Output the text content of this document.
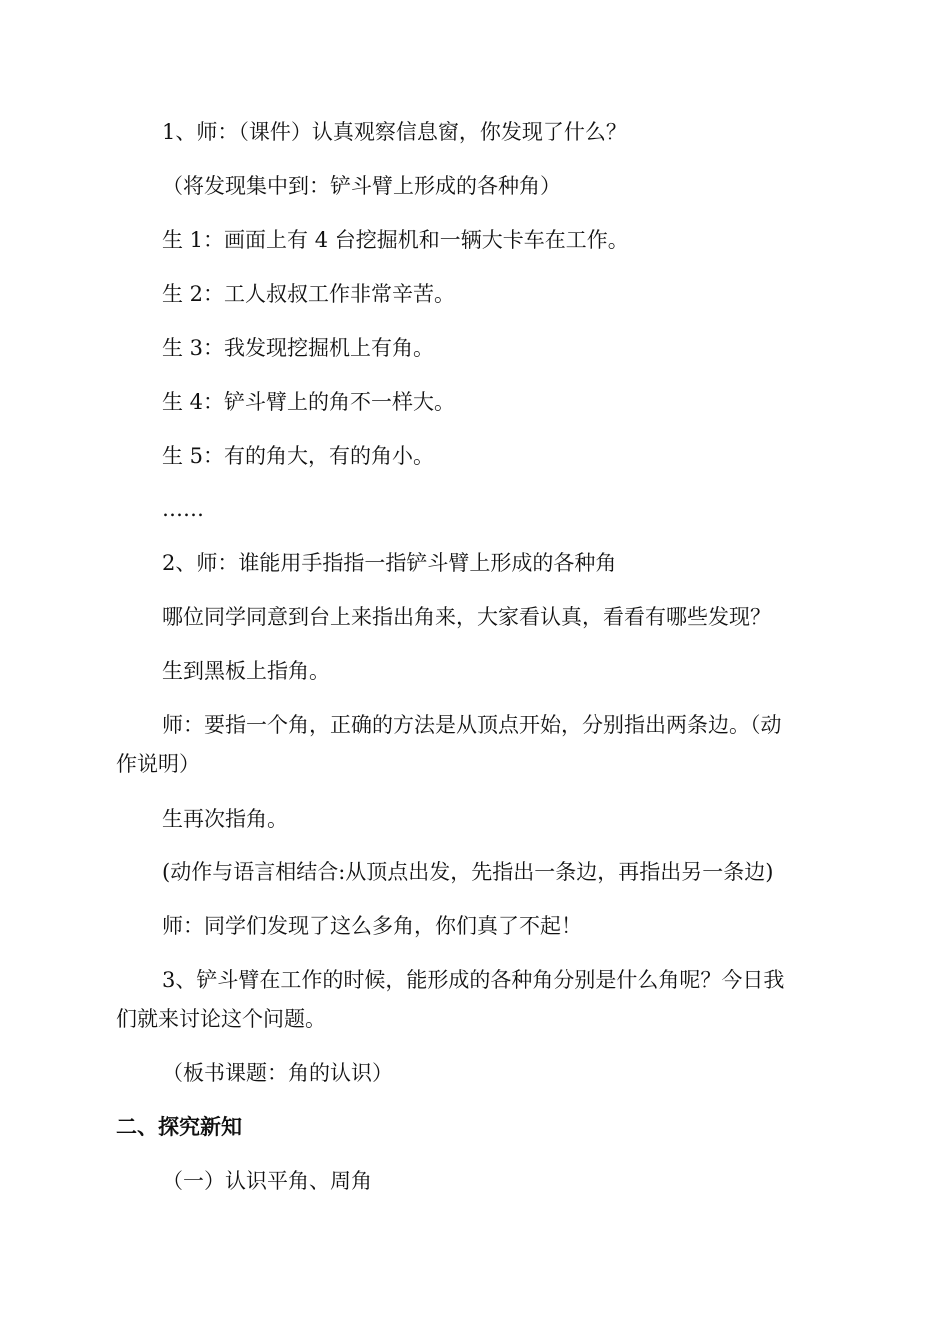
1、师：（课件）认真观察信息窗，你发现了什么？
（将发现集中到：铲斗臂上形成的各种角）
生 1：画面上有 4 台挖掘机和一辆大卡车在工作。
生 2：工人叔叔工作非常辛苦。
生 3：我发现挖掘机上有角。
生 4：铲斗臂上的角不一样大。
生 5：有的角大，有的角小。
……
2、师：谁能用手指指一指铲斗臂上形成的各种角
哪位同学同意到台上来指出角来，大家看认真，看看有哪些发现？
生到黑板上指角。
师：要指一个角，正确的方法是从顶点开始，分别指出两条边。（动
作说明）
生再次指角。
(动作与语言相结合:从顶点出发，先指出一条边，再指出另一条边)
师：同学们发现了这么多角，你们真了不起！
3、铲斗臂在工作的时候，能形成的各种角分别是什么角呢？今日我
们就来讨论这个问题。
（板书课题：角的认识）
二、探究新知
（一）认识平角、周角
